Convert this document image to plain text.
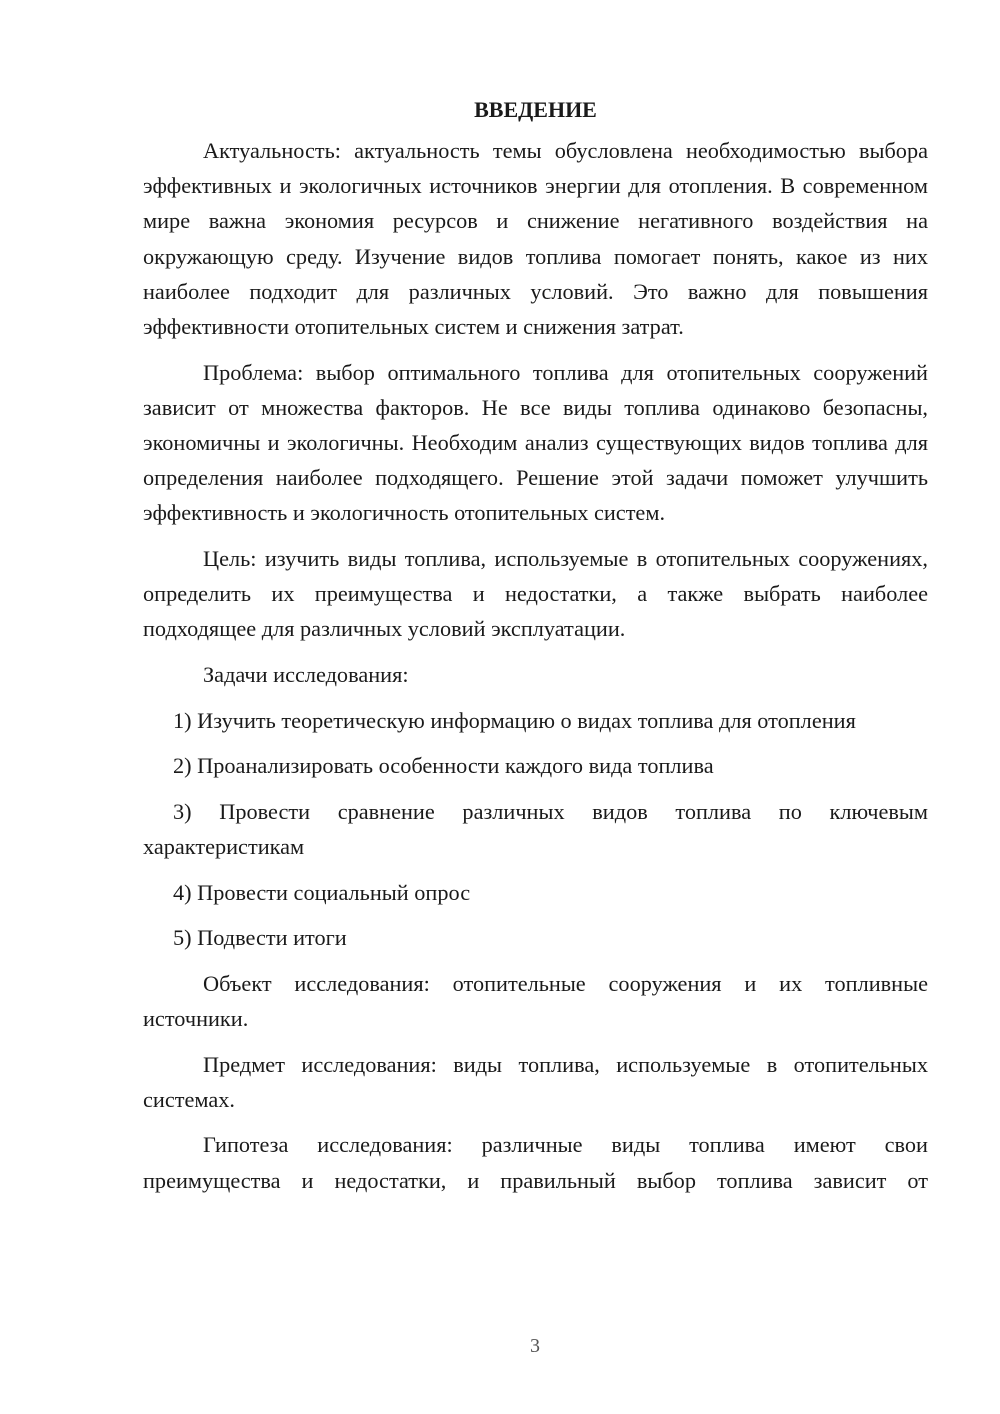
ВВЕДЕНИЕ

Актуальность: актуальность темы обусловлена необходимостью выбора эффективных и экологичных источников энергии для отопления. В современном мире важна экономия ресурсов и снижение негативного воздействия на окружающую среду. Изучение видов топлива помогает понять, какое из них наиболее подходит для различных условий. Это важно для повышения эффективности отопительных систем и снижения затрат.

Проблема: выбор оптимального топлива для отопительных сооружений зависит от множества факторов. Не все виды топлива одинаково безопасны, экономичны и экологичны. Необходим анализ существующих видов топлива для определения наиболее подходящего. Решение этой задачи поможет улучшить эффективность и экологичность отопительных систем.

Цель: изучить виды топлива, используемые в отопительных сооружениях, определить их преимущества и недостатки, а также выбрать наиболее подходящее для различных условий эксплуатации.

Задачи исследования:

1) Изучить теоретическую информацию о видах топлива для отопления

2) Проанализировать особенности каждого вида топлива

3) Провести сравнение различных видов топлива по ключевым характеристикам

4) Провести социальный опрос

5) Подвести итоги

Объект исследования: отопительные сооружения и их топливные источники.

Предмет исследования: виды топлива, используемые в отопительных системах.

Гипотеза исследования: различные виды топлива имеют свои преимущества и недостатки, и правильный выбор топлива зависит от

3
